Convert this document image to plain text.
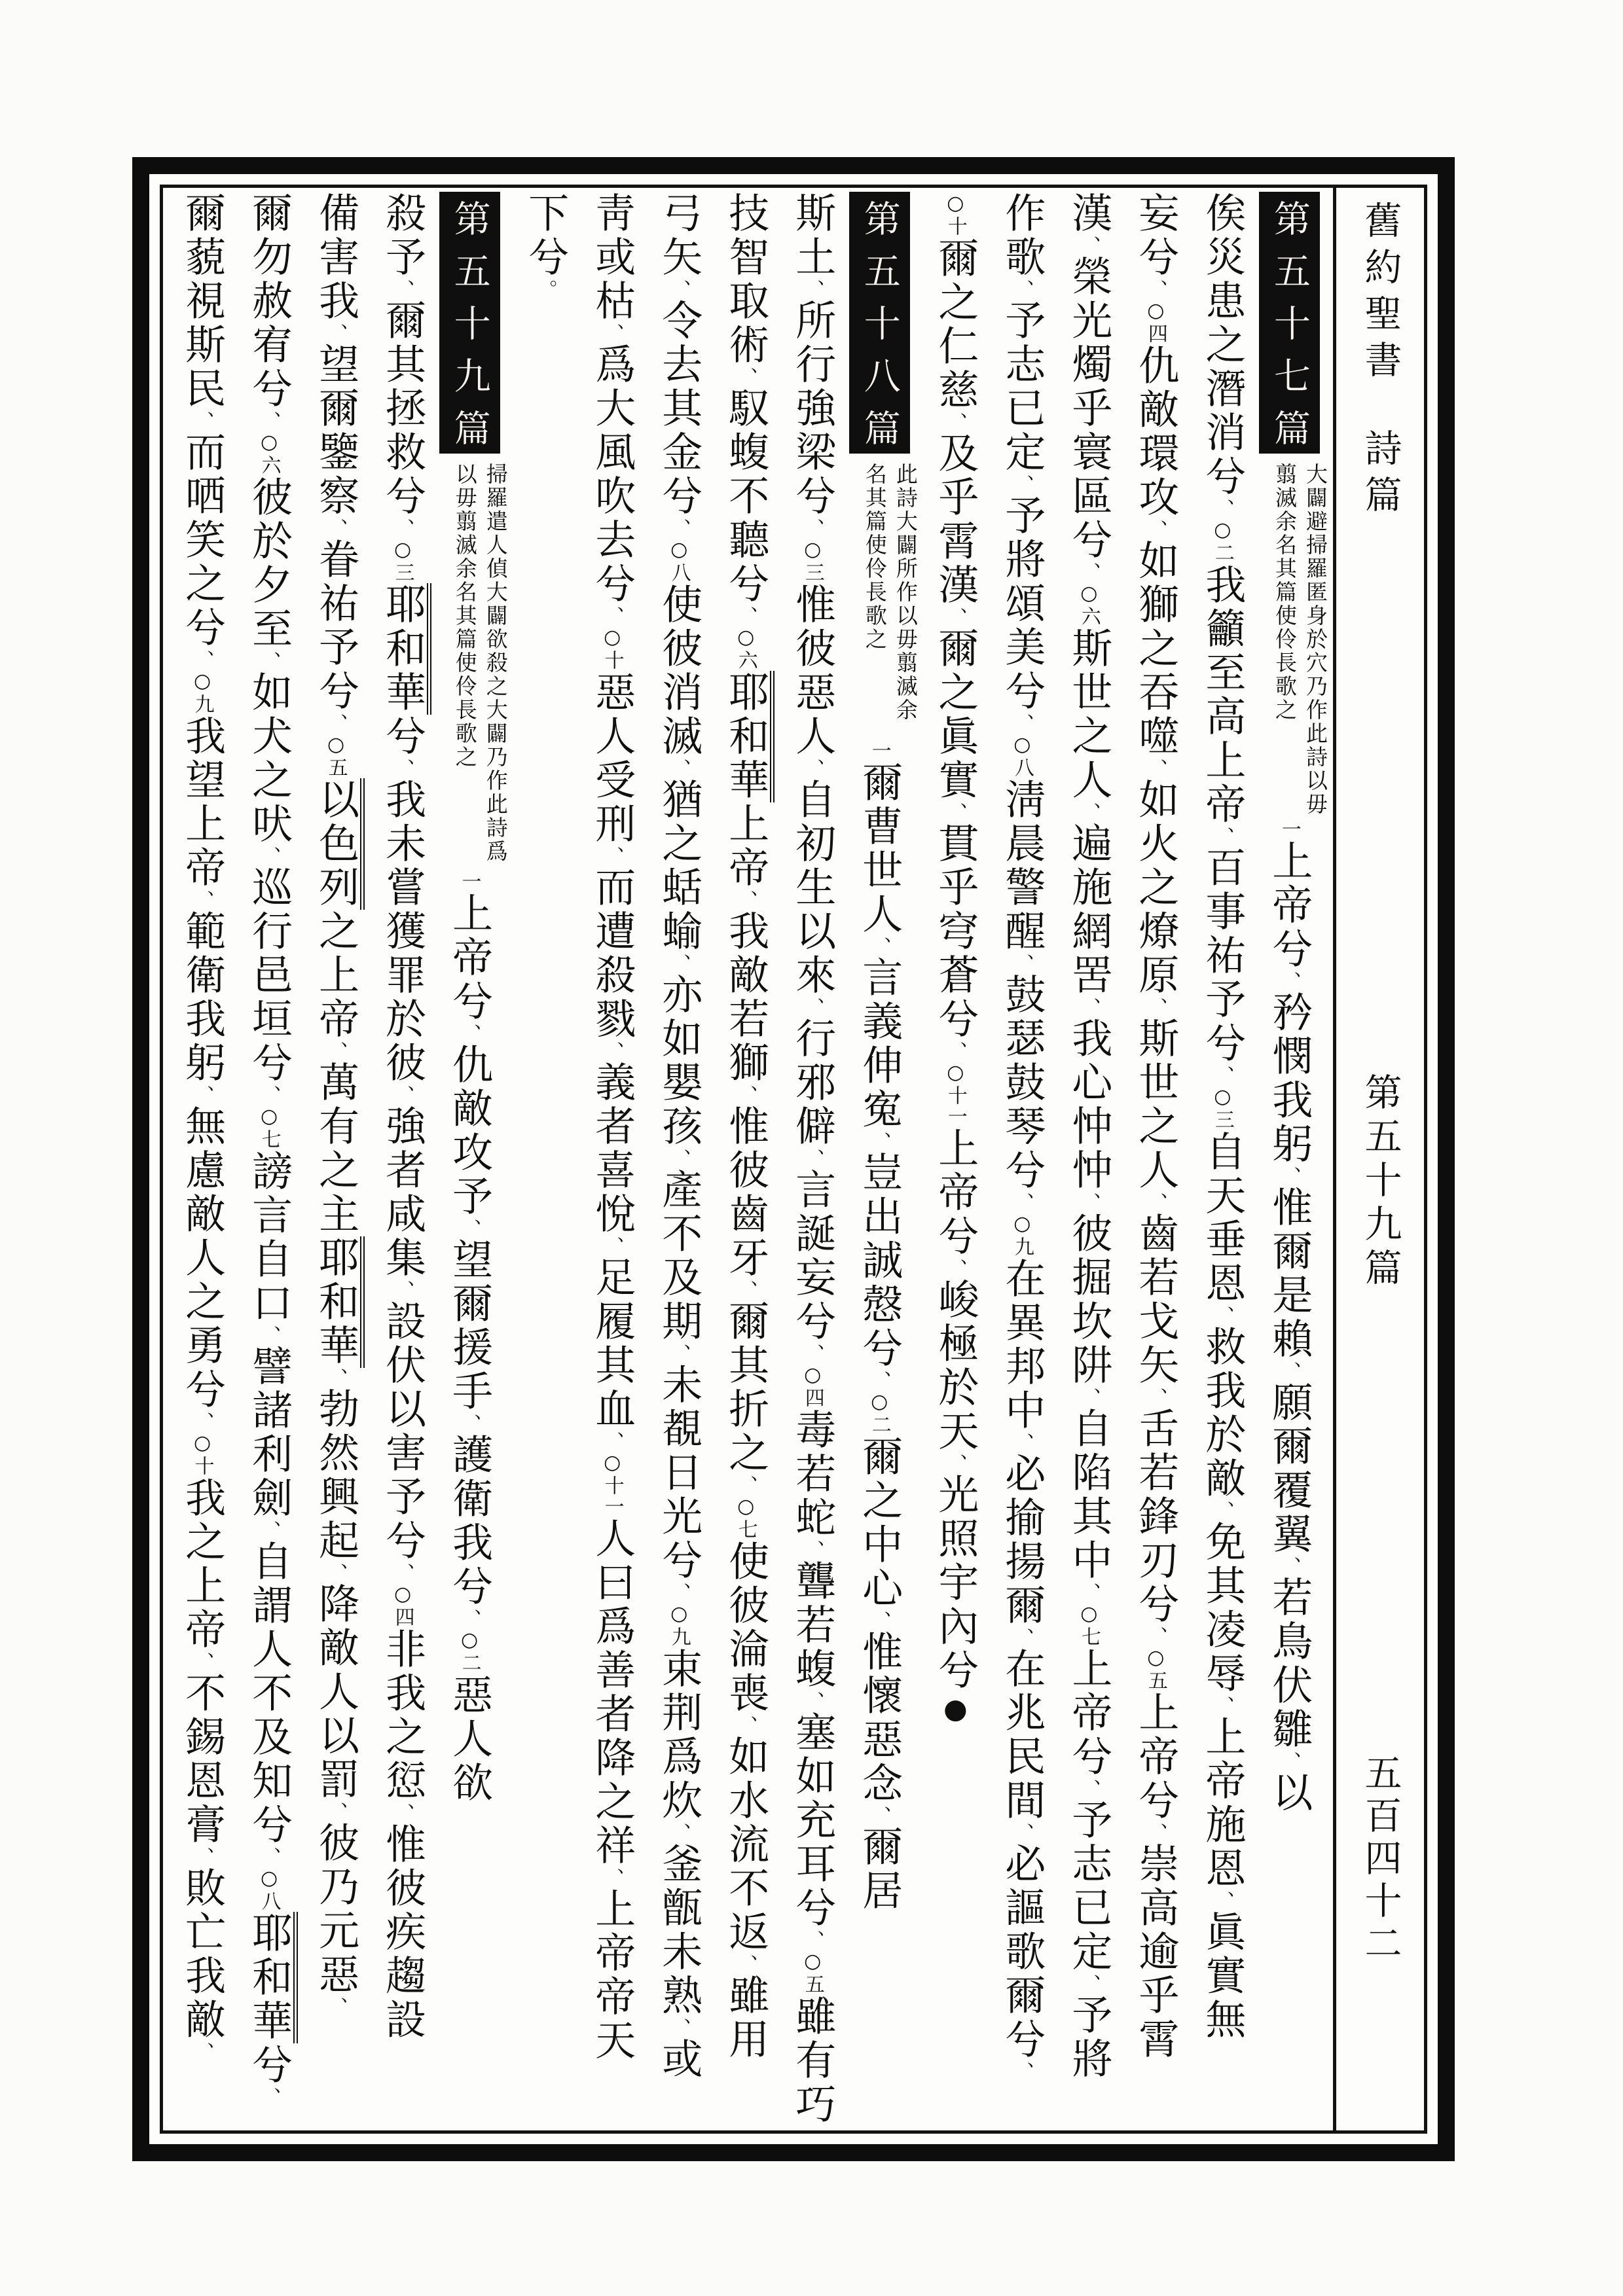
第五十七篇大闢避掃羅匿身於穴乃作此詩以毋翦滅余名其篇使伶長歌之一上帝兮、矜憫我躬、惟爾是賴、願爾覆翼、若鳥伏雛、以
俟災患之潛消兮、○二我籲至高上帝、百事祐予兮、○三自天垂恩、救我於敵、免其凌辱、上帝施恩、眞實無
妄兮、○四仇敵環攻、如獅之吞噬、如火之燎原、斯世之人、齒若戈矢、舌若鋒刃兮、○五上帝兮、崇高逾乎霄
漢、榮光燭乎寰區兮、○六斯世之人、遍施網罟、我心忡忡、彼掘坎阱、自陷其中、○七上帝兮、予志已定、予將
作歌、予志已定、予將頌美兮、○八淸晨警醒、鼓瑟鼓琴兮、○九在異邦中、必揄揚爾、在兆民間、必謳歌爾兮、
○十爾之仁慈、及乎霄漢、爾之眞實、貫乎穹蒼兮、○十一上帝兮、峻極於天、光照宇內兮●
第五十八篇此詩大闢所作以毋翦滅余名其篇使伶長歌之一爾曹世人、言義伸寃、豈出誠慤兮、○二爾之中心、惟懷惡念、爾居
斯土、所行強梁兮、○三惟彼惡人、自初生以來、行邪僻、言誕妄兮、○四毒若蛇、聾若蝮、塞如充耳兮、○五雖有巧
技智取術、馭蝮不聽兮、○六耶和華上帝、我敵若獅、惟彼齒牙、爾其折之、○七使彼淪喪、如水流不返、雖用
弓矢、令去其金兮、○八使彼消滅、猶之蛞蝓、亦如嬰孩、產不及期、未覩日光兮、○九束荆爲炊、釜甑未熟、或
靑或枯、爲大風吹去兮、○十惡人受刑、而遭殺戮、義者喜悅、足履其血、○十一人曰爲善者降之祥、上帝帝天
下兮。
第五十九篇掃羅遣人偵大闢欲殺之大闢乃作此詩爲以毋翦滅余名其篇使伶長歌之一上帝兮、仇敵攻予、望爾援手、護衛我兮、○二惡人欲
殺予、爾其拯救兮、○三耶和華兮、我未嘗獲罪於彼、強者咸集、設伏以害予兮、○四非我之愆、惟彼疾趨設
備害我、望爾鑒察、眷祐予兮、○五以色列之上帝、萬有之主耶和華、勃然興起、降敵人以罰、彼乃元惡、
爾勿赦宥兮、○六彼於夕至、如犬之吠、巡行邑垣兮、○七謗言自口、譬諸利劍、自謂人不及知兮、○八耶和華兮、
爾藐視斯民、而哂笑之兮、○九我望上帝、範衛我躬、無慮敵人之勇兮、○十我之上帝、不錫恩膏、敗亡我敵、
舊約聖書詩篇
第五十九篇
五百四十二
